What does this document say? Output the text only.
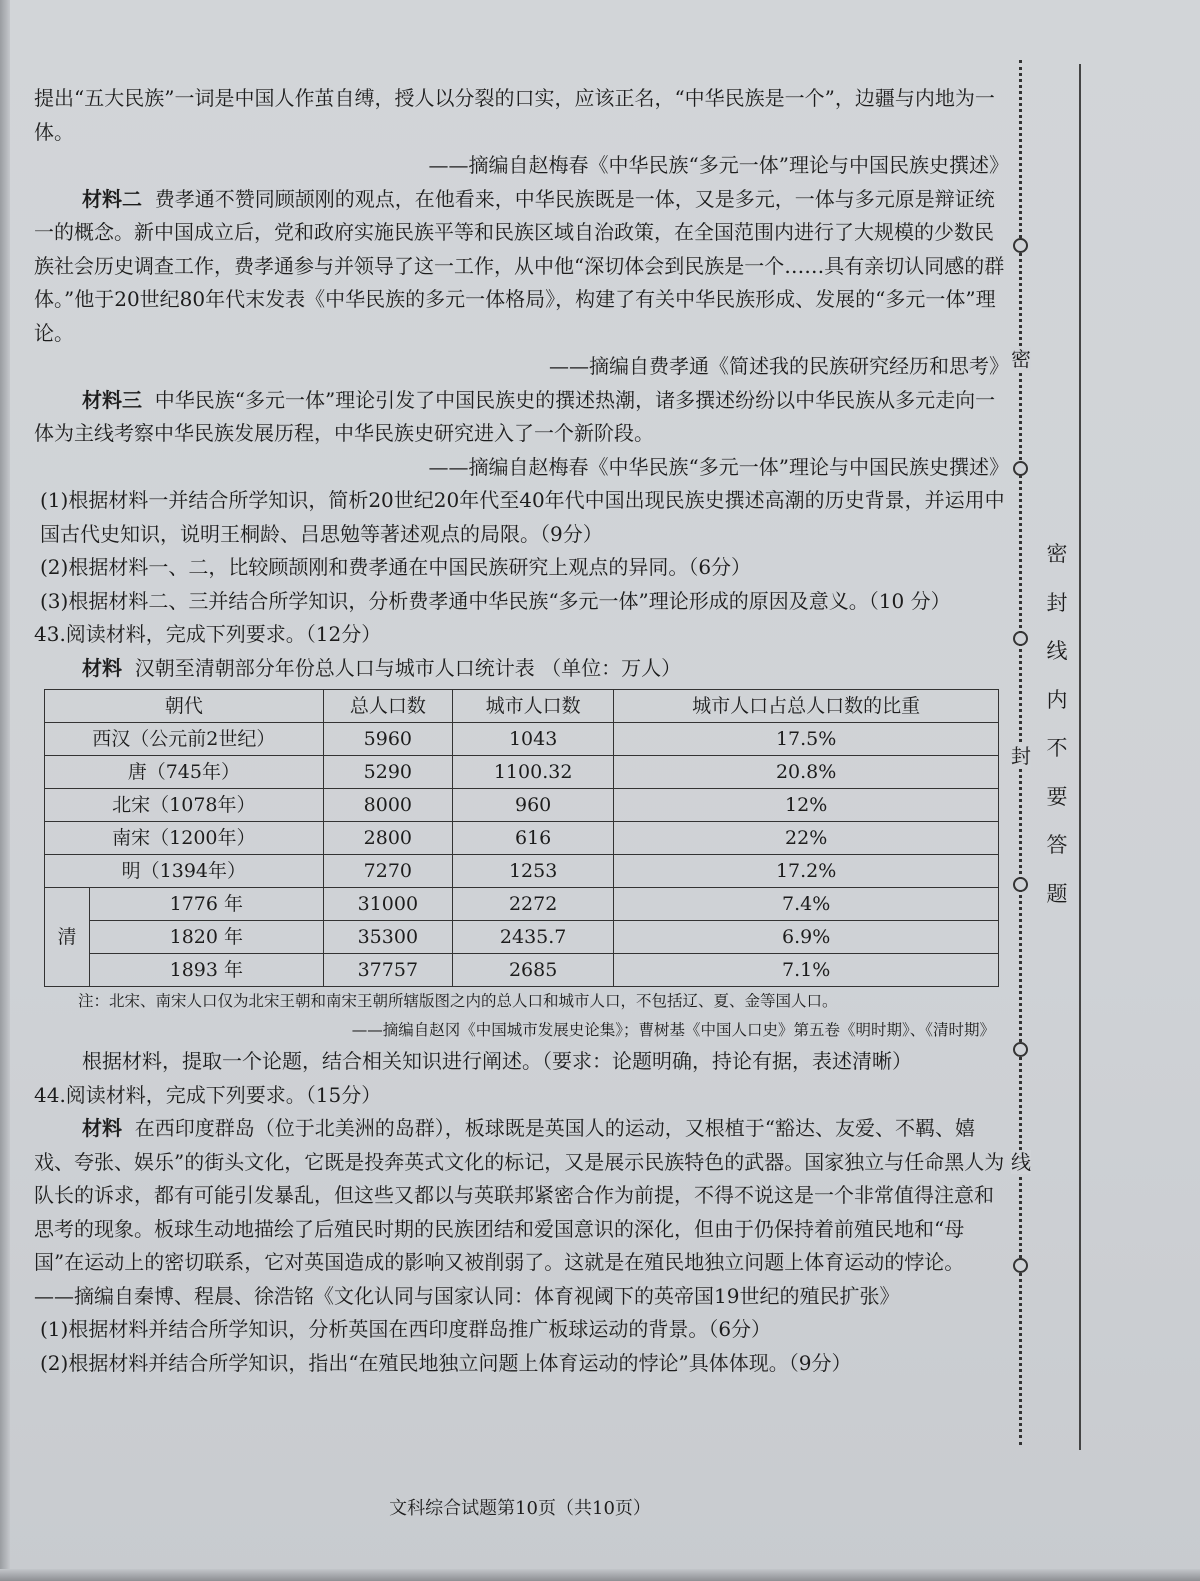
提出“五大民族”一词是中国人作茧自缚，授人以分裂的口实，应该正名，“中华民族是一个”，边疆与内地为一体。

——摘编自赵梅春《中华民族“多元一体”理论与中国民族史撰述》

材料二 费孝通不赞同顾颉刚的观点，在他看来，中华民族既是一体，又是多元，一体与多元原是辩证统一的概念。新中国成立后，党和政府实施民族平等和民族区域自治政策，在全国范围内进行了大规模的少数民族社会历史调查工作，费孝通参与并领导了这一工作，从中他“深切体会到民族是一个……具有亲切认同感的群体。”他于20世纪80年代末发表《中华民族的多元一体格局》，构建了有关中华民族形成、发展的“多元一体”理论。

——摘编自费孝通《简述我的民族研究经历和思考》

材料三 中华民族“多元一体”理论引发了中国民族史的撰述热潮，诸多撰述纷纷以中华民族从多元走向一体为主线考察中华民族发展历程，中华民族史研究进入了一个新阶段。

——摘编自赵梅春《中华民族“多元一体”理论与中国民族史撰述》

(1)根据材料一并结合所学知识，简析20世纪20年代至40年代中国出现民族史撰述高潮的历史背景，并运用中国古代史知识，说明王桐龄、吕思勉等著述观点的局限。（9分）

(2)根据材料一、二，比较顾颉刚和费孝通在中国民族研究上观点的异同。（6分）

(3)根据材料二、三并结合所学知识，分析费孝通中华民族“多元一体”理论形成的原因及意义。（10 分）

43.阅读材料，完成下列要求。（12分）

材料 汉朝至清朝部分年份总人口与城市人口统计表 （单位：万人）

朝代		总人口数	城市人口数	城市人口占总人口数的比重
西汉（公元前2世纪）		5960	1043	17.5%
唐（745年）		5290	1100.32	20.8%
北宋（1078年）		8000	960	12%
南宋（1200年）		2800	616	22%
明（1394年）		7270	1253	17.2%
清	1776 年	31000	2272	7.4%
	1820 年	35300	2435.7	6.9%
	1893 年	37757	2685	7.1%

注：北宋、南宋人口仅为北宋王朝和南宋王朝所辖版图之内的总人口和城市人口，不包括辽、夏、金等国人口。

——摘编自赵冈《中国城市发展史论集》；曹树基《中国人口史》第五卷《明时期》、《清时期》

根据材料，提取一个论题，结合相关知识进行阐述。（要求：论题明确，持论有据，表述清晰）

44.阅读材料，完成下列要求。（15分）

材料 在西印度群岛（位于北美洲的岛群），板球既是英国人的运动，又根植于“豁达、友爱、不羁、嬉戏、夸张、娱乐”的街头文化，它既是投奔英式文化的标记，又是展示民族特色的武器。国家独立与任命黑人为队长的诉求，都有可能引发暴乱，但这些又都以与英联邦紧密合作为前提，不得不说这是一个非常值得注意和思考的现象。板球生动地描绘了后殖民时期的民族团结和爱国意识的深化，但由于仍保持着前殖民地和“母国”在运动上的密切联系，它对英国造成的影响又被削弱了。这就是在殖民地独立问题上体育运动的悖论。

——摘编自秦博、程晨、徐浩铭《文化认同与国家认同：体育视阈下的英帝国19世纪的殖民扩张》

(1)根据材料并结合所学知识，分析英国在西印度群岛推广板球运动的背景。（6分）

(2)根据材料并结合所学知识，指出“在殖民地独立问题上体育运动的悖论”具体体现。（9分）

文科综合试题第10页（共10页）
密
封
线
密
封
线
内
不
要
答
题
